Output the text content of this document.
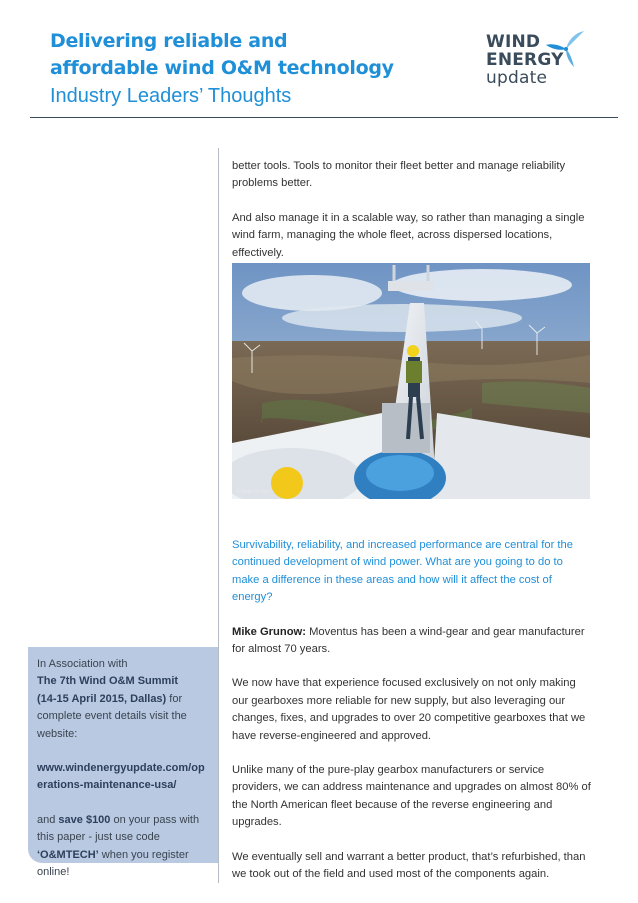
Delivering reliable and
affordable wind O&M technology
Industry Leaders’ Thoughts
WIND
ENERGY
update

better tools. Tools to monitor their fleet better and manage reliability problems better.

And also manage it in a scalable way, so rather than managing a single wind farm, managing the whole fleet, across dispersed locations, effectively.

© Getty Images

Survivability, reliability, and increased performance are central for the continued development of wind power. What are you going to do to make a difference in these areas and how will it affect the cost of energy?

Mike Grunow: Moventus has been a wind-gear and gear manufacturer for almost 70 years.

We now have that experience focused exclusively on not only making our gearboxes more reliable for new supply, but also leveraging our changes, fixes, and upgrades to over 20 competitive gearboxes that we have reverse-engineered and approved.

Unlike many of the pure-play gearbox manufacturers or service providers, we can address maintenance and upgrades on almost 80% of the North American fleet because of the reverse engineering and upgrades.

We eventually sell and warrant a better product, that’s refurbished, than we took out of the field and used most of the components again.

In Association with

The 7th Wind O&M Summit
(14-15 April 2015, Dallas) for complete event details visit the website:

www.windenergyupdate.com/operations-maintenance-usa/

and save $100 on your pass with this paper - just use code ‘O&MTECH’ when you register online!
